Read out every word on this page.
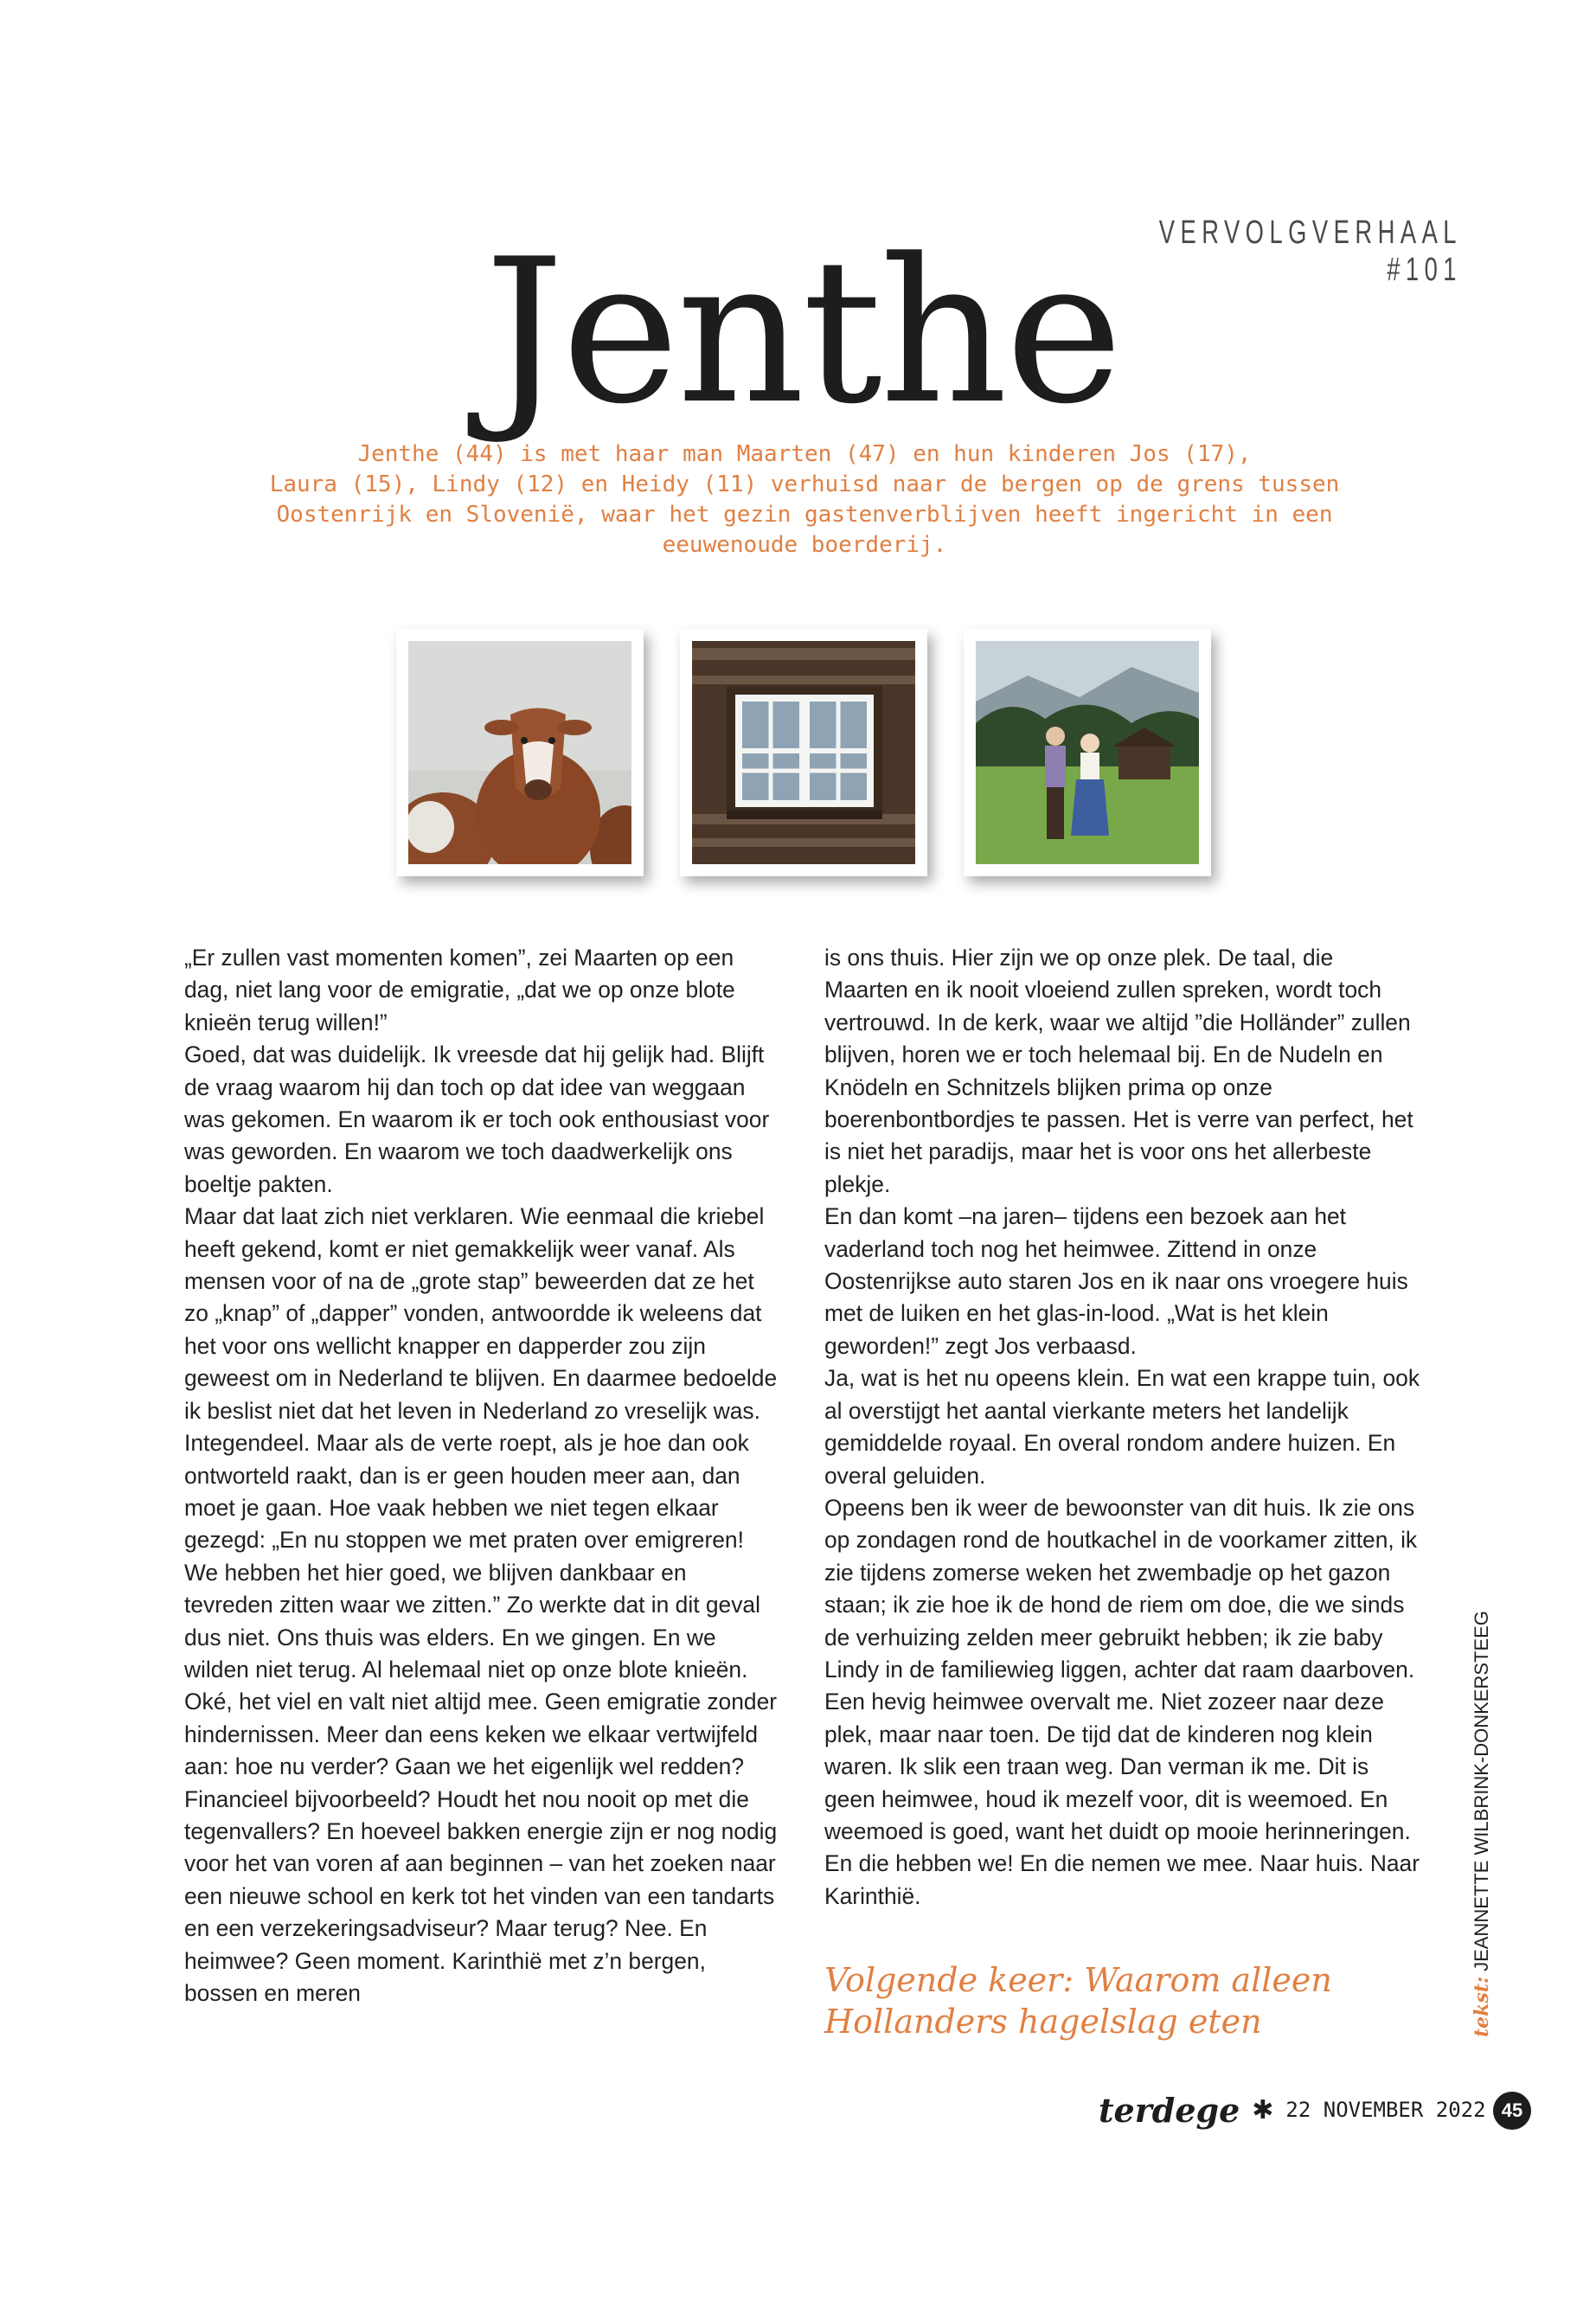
VERVOLGVERHAAL #101
Jenthe
Jenthe (44) is met haar man Maarten (47) en hun kinderen Jos (17),
Laura (15), Lindy (12) en Heidy (11) verhuisd naar de bergen op de grens tussen
Oostenrijk en Slovenië, waar het gezin gastenverblijven heeft ingericht in een
eeuwenoude boerderij.

„Er zullen vast momenten komen”, zei Maarten op een dag, niet lang voor de emigratie, „dat we op onze blote knieën terug willen!”

Goed, dat was duidelijk. Ik vreesde dat hij gelijk had. Blijft de vraag waarom hij dan toch op dat idee van weggaan was gekomen. En waarom ik er toch ook enthousiast voor was geworden. En waarom we toch daadwerkelijk ons boeltje pakten.

Maar dat laat zich niet verklaren. Wie eenmaal die kriebel heeft gekend, komt er niet gemakkelijk weer vanaf. Als mensen voor of na de „grote stap” beweerden dat ze het zo „knap” of „dapper” vonden, antwoordde ik weleens dat het voor ons wellicht knapper en dapperder zou zijn geweest om in Nederland te blijven. En daarmee bedoelde ik beslist niet dat het leven in Nederland zo vreselijk was. Integendeel. Maar als de verte roept, als je hoe dan ook ontworteld raakt, dan is er geen houden meer aan, dan moet je gaan. Hoe vaak hebben we niet tegen elkaar gezegd: „En nu stoppen we met praten over emigreren! We hebben het hier goed, we blijven dankbaar en tevreden zitten waar we zitten.” Zo werkte dat in dit geval dus niet. Ons thuis was elders. En we gingen. En we wilden niet terug. Al helemaal niet op onze blote knieën.

Oké, het viel en valt niet altijd mee. Geen emigratie zonder hindernissen. Meer dan eens keken we elkaar vertwijfeld aan: hoe nu verder? Gaan we het eigenlijk wel redden? Financieel bijvoorbeeld? Houdt het nou nooit op met die tegenvallers? En hoeveel bakken energie zijn er nog nodig voor het van voren af aan beginnen – van het zoeken naar een nieuwe school en kerk tot het vinden van een tandarts en een verzekeringsadviseur? Maar terug? Nee. En heimwee? Geen moment. Karinthië met z’n bergen, bossen en meren

is ons thuis. Hier zijn we op onze plek. De taal, die Maarten en ik nooit vloeiend zullen spreken, wordt toch vertrouwd. In de kerk, waar we altijd ”die Holländer” zullen blijven, horen we er toch helemaal bij. En de Nudeln en Knödeln en Schnitzels blijken prima op onze boerenbontbordjes te passen. Het is verre van perfect, het is niet het paradijs, maar het is voor ons het allerbeste plekje.

En dan komt –na jaren– tijdens een bezoek aan het vaderland toch nog het heimwee. Zittend in onze Oostenrijkse auto staren Jos en ik naar ons vroegere huis met de luiken en het glas-in-lood. „Wat is het klein geworden!” zegt Jos verbaasd.

Ja, wat is het nu opeens klein. En wat een krappe tuin, ook al overstijgt het aantal vierkante meters het landelijk gemiddelde royaal. En overal rondom andere huizen. En overal geluiden.

Opeens ben ik weer de bewoonster van dit huis. Ik zie ons op zondagen rond de houtkachel in de voorkamer zitten, ik zie tijdens zomerse weken het zwembadje op het gazon staan; ik zie hoe ik de hond de riem om doe, die we sinds de verhuizing zelden meer gebruikt hebben; ik zie baby Lindy in de familiewieg liggen, achter dat raam daarboven. Een hevig heimwee overvalt me. Niet zozeer naar deze plek, maar naar toen. De tijd dat de kinderen nog klein waren. Ik slik een traan weg. Dan verman ik me. Dit is geen heimwee, houd ik mezelf voor, dit is weemoed. En weemoed is goed, want het duidt op mooie herinneringen. En die hebben we! En die nemen we mee. Naar huis. Naar Karinthië.

Volgende keer: Waarom alleen
Hollanders hagelslag eten	tekst:JEANNETTE WILBRINK-DONKERSTEEG
terdege ✱ 22 NOVEMBER 2022 45
